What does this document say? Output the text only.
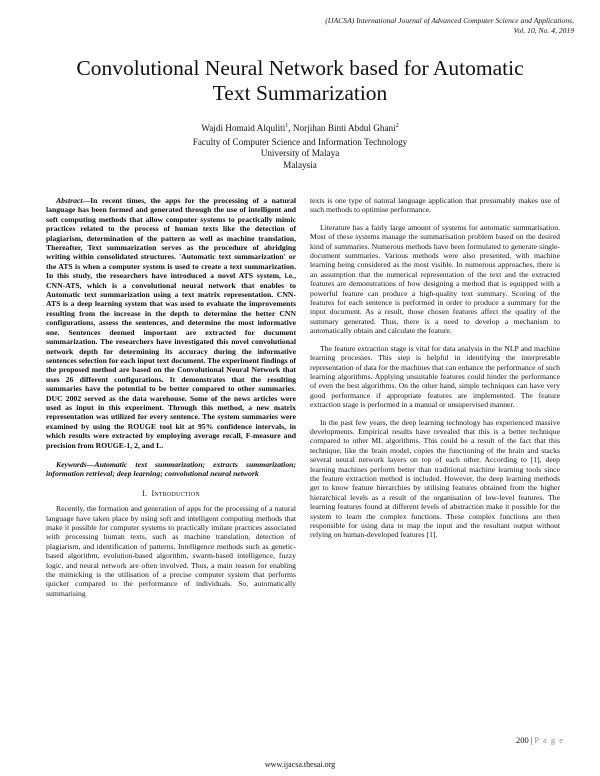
(IJACSA) International Journal of Advanced Computer Science and Applications,
Vol. 10, No. 4, 2019
Convolutional Neural Network based for Automatic
Text Summarization
Wajdi Homaid Alquliti$^1$, Norjihan Binti Abdul Ghani$^2$
Faculty of Computer Science and Information Technology
University of Malaya
Malaysia

Abstract—In recent times, the apps for the processing of a natural language has been formed and generated through the use of intelligent and soft computing methods that allow computer systems to practically mimic practices related to the process of human texts like the detection of plagiarism, determination of the pattern as well as machine translation, Thereafter, Text summarization serves as the procedure of abridging writing within consolidated structures. 'Automatic text summarization' or the ATS is when a computer system is used to create a text summarization. In this study, the researchers have introduced a novel ATS system, i.e., CNN-ATS, which is a convolutional neural network that enables to Automatic text summarization using a text matrix representation. CNN-ATS is a deep learning system that was used to evaluate the improvements resulting from the increase in the depth to determine the better CNN configurations, assess the sentences, and determine the most informative one. Sentences deemed important are extracted for document summarization. The researchers have investigated this novel convolutional network depth for determining its accuracy during the informative sentences selection for each input text document. The experiment findings of the proposed method are based on the Convolutional Neural Network that uses 26 different configurations. It demonstrates that the resulting summaries have the potential to be better compared to other summaries. DUC 2002 served as the data warehouse. Some of the news articles were used as input in this experiment. Through this method, a new matrix representation was utilized for every sentence. The system summaries were examined by using the ROUGE tool kit at 95% confidence intervals, in which results were extracted by employing average recall, F-measure and precision from ROUGE-1, 2, and L.

Keywords—Automatic text summarization; extracts summarization; information retrieval; deep learning; convolutional neural network

I. Introduction

Recently, the formation and generation of apps for the processing of a natural language have taken place by using soft and intelligent computing methods that make it possible for computer systems to practically imitate practices associated with processing human texts, such as machine translation, detection of plagiarism, and identification of patterns. Intelligence methods such as genetic-based algorithm, evolution-based algorithm, swarm-based intelligence, fuzzy logic, and neural network are often involved. Thus, a main reason for enabling the mimicking is the utilisation of a precise computer system that performs quicker compared to the performance of individuals. So, automatically summarising

texts is one type of natural language application that presumably makes use of such methods to optimise performance.

Literature has a fairly large amount of systems for automatic summarisation. Most of these systems manage the summarisation problem based on the desired kind of summaries. Numerous methods have been formulated to generate single-document summaries. Various methods were also presented, with machine learning being considered as the most visible. In numerous approaches, there is an assumption that the numerical representation of the text and the extracted features are demonstrations of how designing a method that is equipped with a powerful feature can produce a high-quality text summary. Scoring of the features for each sentence is performed in order to produce a summary for the input document. As a result, those chosen features affect the quality of the summary generated. Thus, there is a need to develop a mechanism to automatically obtain and calculate the feature.

The feature extraction stage is vital for data analysis in the NLP and machine learning processes. This step is helpful in identifying the interpretable representation of data for the machines that can enhance the performance of such learning algorithms. Applying unsuitable features could hinder the performance of even the best algorithms. On the other hand, simple techniques can have very good performance if appropriate features are implemented. The feature extraction stage is performed in a manual or unsupervised manner.

In the past few years, the deep learning technology has experienced massive developments. Empirical results have revealed that this is a better technique compared to other ML algorithms. This could be a result of the fact that this technique, like the brain model, copies the functioning of the brain and stacks several neural network layers on top of each other. According to [1], deep learning machines perform better than traditional machine learning tools since the feature extraction method is included. However, the deep learning methods get to know feature hierarchies by utilising features obtained from the higher hierarchical levels as a result of the organisation of low-level features. The learning features found at different levels of abstraction make it possible for the system to learn the complex functions. These complex functions are then responsible for using data to map the input and the resultant output without relying on human-developed features [1].

200 | P a g e
www.ijacsa.thesai.org
